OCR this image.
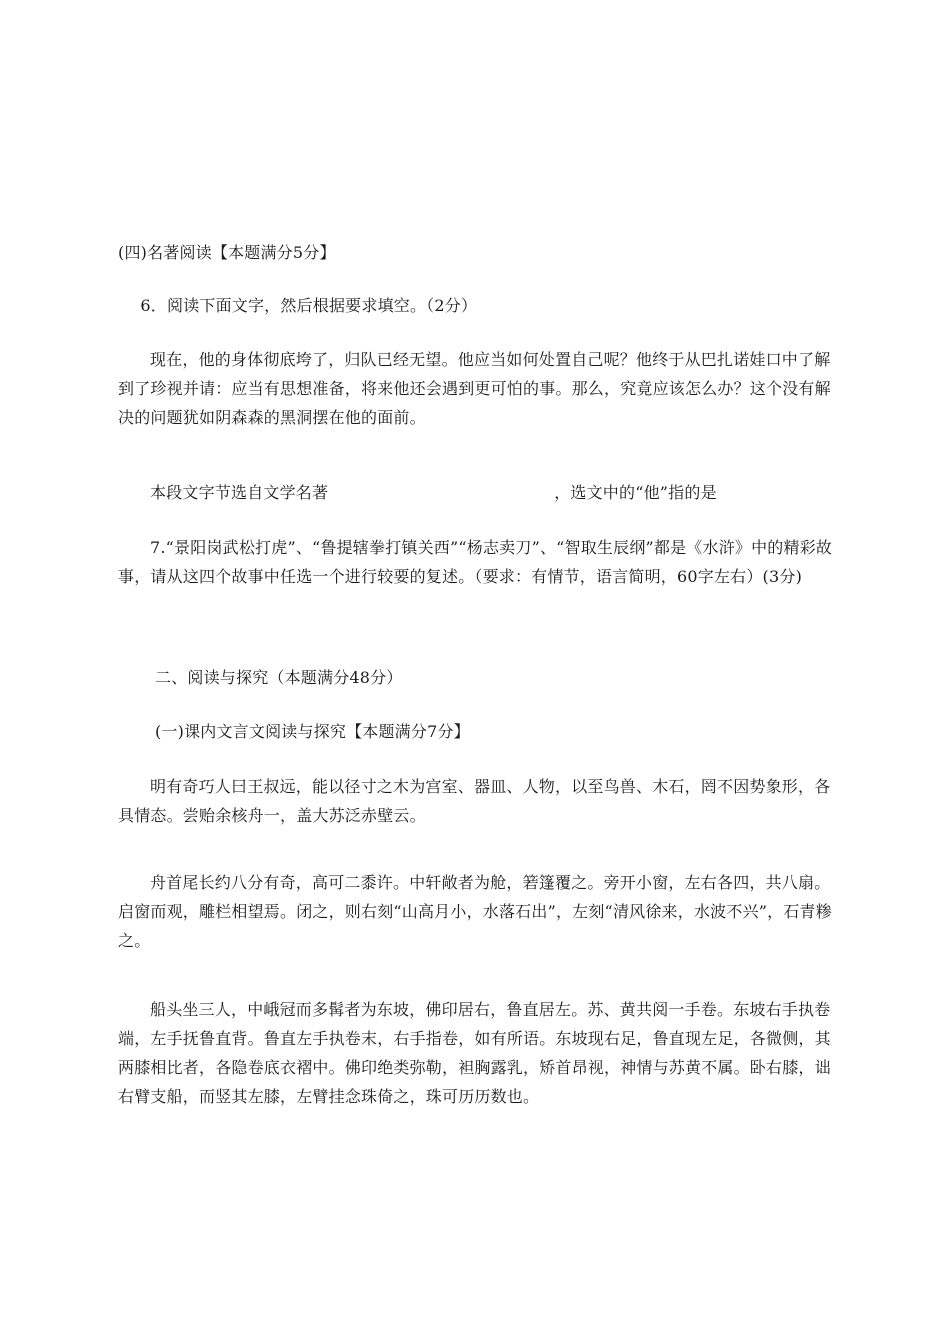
(四)名著阅读【本题满分5分】

6．阅读下面文字，然后根据要求填空。（2分）

现在，他的身体彻底垮了，归队已经无望。他应当如何处置自己呢？他终于从巴扎诺娃口中了解到了珍视并请：应当有思想准备，将来他还会遇到更可怕的事。那么，究竟应该怎么办？这个没有解决的问题犹如阴森森的黑洞摆在他的面前。

本段文字节选自文学名著	，选文中的“他”指的是

7.“景阳岗武松打虎”、“鲁提辖拳打镇关西”“杨志卖刀”、“智取生辰纲”都是《水浒》中的精彩故事，请从这四个故事中任选一个进行较要的复述。（要求：有情节，语言简明，60字左右）(3分)

二、阅读与探究（本题满分48分）

(一)课内文言文阅读与探究【本题满分7分】

明有奇巧人曰王叔远，能以径寸之木为宫室、器皿、人物，以至鸟兽、木石，罔不因势象形，各具情态。尝贻余核舟一，盖大苏泛赤壁云。

舟首尾长约八分有奇，高可二黍许。中轩敞者为舱，箬篷覆之。旁开小窗，左右各四，共八扇。启窗而观，雕栏相望焉。闭之，则右刻“山高月小，水落石出”，左刻“清风徐来，水波不兴”，石青糁之。

船头坐三人，中峨冠而多髯者为东坡，佛印居右，鲁直居左。苏、黄共阅一手卷。东坡右手执卷端，左手抚鲁直背。鲁直左手执卷末，右手指卷，如有所语。东坡现右足，鲁直现左足，各微侧，其两膝相比者，各隐卷底衣褶中。佛印绝类弥勒，袒胸露乳，矫首昂视，神情与苏黄不属。卧右膝，诎右臂支船，而竖其左膝，左臂挂念珠倚之，珠可历历数也。
